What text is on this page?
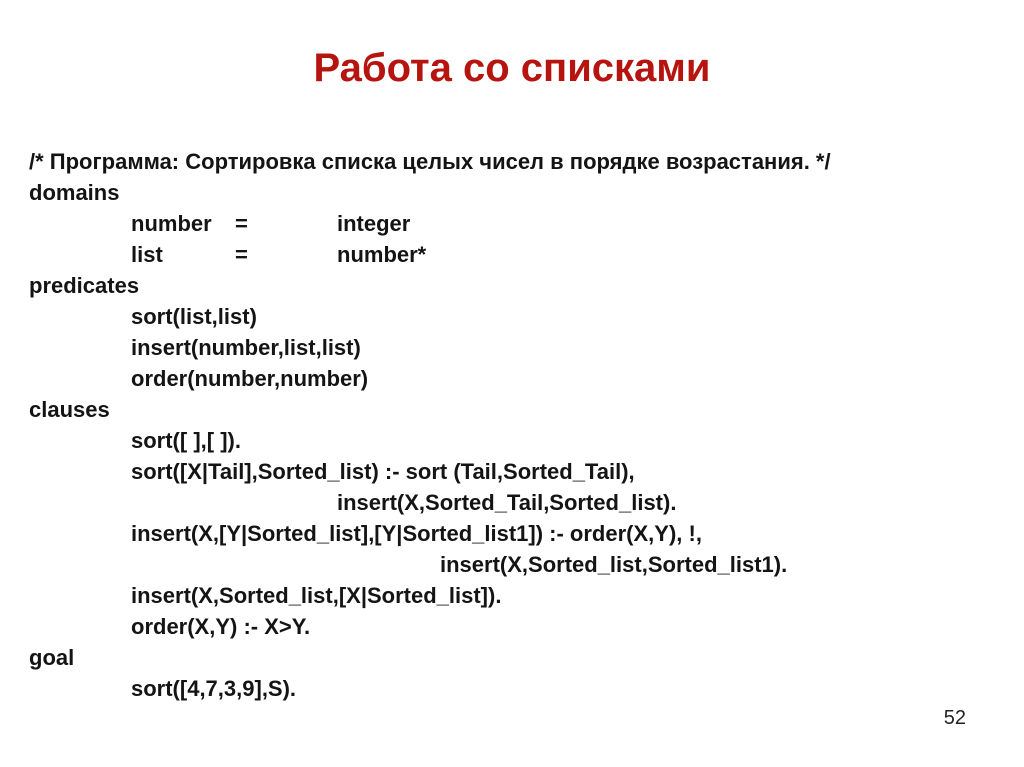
Работа со списками
/* Программа: Сортировка списка целых чисел в порядке возрастания. */
domains
number =	integer
list	=	number*
predicates
sort(list,list)
insert(number,list,list)
order(number,number)
clauses
sort([ ],[ ]).
sort([X|Tail],Sorted_list) :- sort (Tail,Sorted_Tail),
insert(X,Sorted_Tail,Sorted_list).
insert(X,[Y|Sorted_list],[Y|Sorted_list1]) :- order(X,Y), !,
insert(X,Sorted_list,Sorted_list1).
insert(X,Sorted_list,[X|Sorted_list]).
order(X,Y) :- X>Y.
goal
sort([4,7,3,9],S).
52
